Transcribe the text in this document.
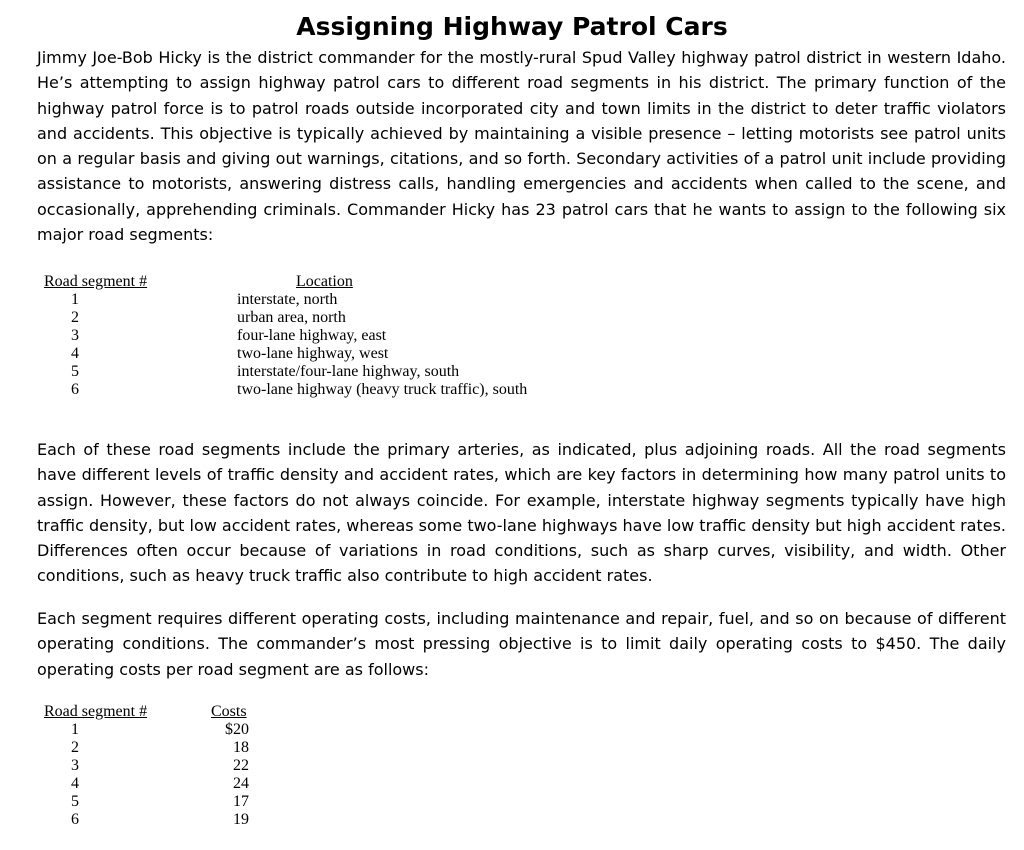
Assigning Highway Patrol Cars

Jimmy Joe-Bob Hicky is the district commander for the mostly-rural Spud Valley highway patrol district in western Idaho. He’s attempting to assign highway patrol cars to different road segments in his district. The primary function of the highway patrol force is to patrol roads outside incorporated city and town limits in the district to deter traffic violators and accidents. This objective is typically achieved by maintaining a visible presence – letting motorists see patrol units on a regular basis and giving out warnings, citations, and so forth. Secondary activities of a patrol unit include providing assistance to motorists, answering distress calls, handling emergencies and accidents when called to the scene, and occasionally, apprehending criminals. Commander Hicky has 23 patrol cars that he wants to assign to the following six major road segments:

Road segment #	Location
1
2
3
4
5
6
interstate, north
urban area, north
four-lane highway, east
two-lane highway, west
interstate/four-lane highway, south
two-lane highway (heavy truck traffic), south

Each of these road segments include the primary arteries, as indicated, plus adjoining roads. All the road segments have different levels of traffic density and accident rates, which are key factors in determining how many patrol units to assign. However, these factors do not always coincide. For example, interstate highway segments typically have high traffic density, but low accident rates, whereas some two-lane highways have low traffic density but high accident rates. Differences often occur because of variations in road conditions, such as sharp curves, visibility, and width. Other conditions, such as heavy truck traffic also contribute to high accident rates.

Each segment requires different operating costs, including maintenance and repair, fuel, and so on because of different operating conditions. The commander’s most pressing objective is to limit daily operating costs to $450. The daily operating costs per road segment are as follows:

Road segment #	Costs
1
2
3
4
5
6
$20
18
22
24
17
19
